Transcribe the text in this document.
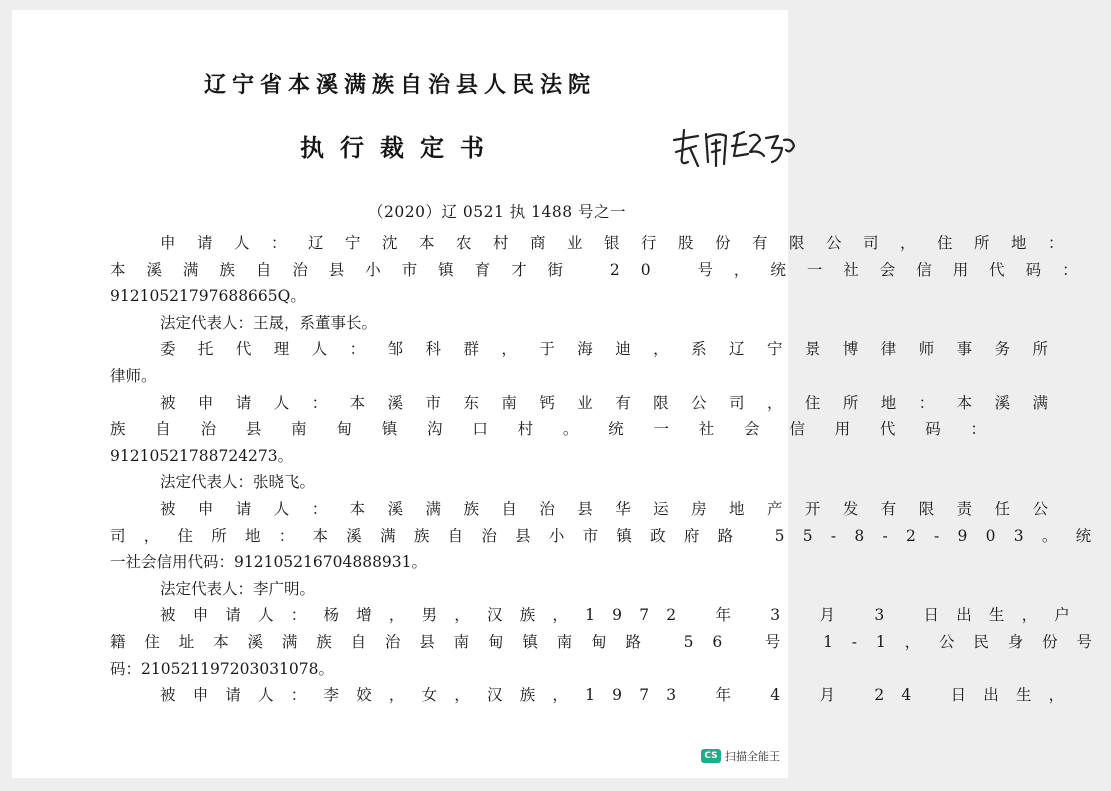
辽宁省本溪满族自治县人民法院
执行裁定书
（2020）辽 0521 执 1488 号之一
申请人：辽宁沈本农村商业银行股份有限公司，住所地：
本溪满族自治县小市镇育才街 20 号，统一社会信用代码：
91210521797688665Q。
法定代表人：王晟，系董事长。
委托代理人：邹科群，于海迪，系辽宁景博律师事务所
律师。
被申请人：本溪市东南钙业有限公司，住所地：本溪满
族自治县南甸镇沟口村。统一社会信用代码：
91210521788724273。
法定代表人：张晓飞。
被申请人：本溪满族自治县华运房地产开发有限责任公
司，住所地：本溪满族自治县小市镇政府路 55-8-2-903。统
一社会信用代码：912105216704888931。
法定代表人：李广明。
被申请人：杨增，男，汉族，1972 年 3 月 3 日出生，户
籍住址本溪满族自治县南甸镇南甸路 56 号 1-1，公民身份号
码：210521197203031078。
被申请人：李姣，女，汉族，1973 年 4 月 24 日出生，
CS 扫描全能王
